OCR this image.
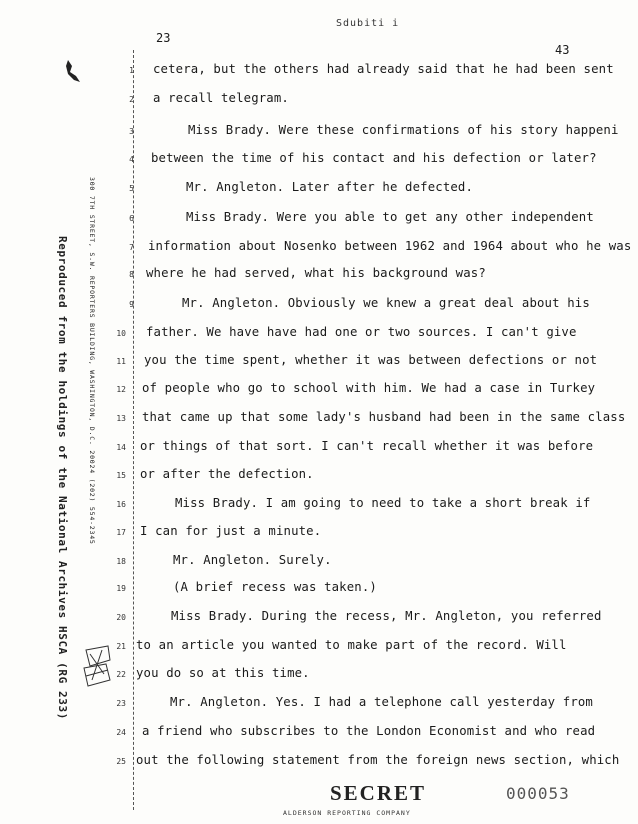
Sdubiti i
23
43
Reproduced from the holdings of the National Archives HSCA (RG 233)	300 7TH STREET, S.W. REPORTERS BUILDING, WASHINGTON, D.C. 20024 (202) 554-2345
1 cetera, but the others had already said that he had been sent
2 a recall telegram.
3	Miss Brady. Were these confirmations of his story happeni
4 between the time of his contact and his defection or later?
5	Mr. Angleton. Later after he defected.
6	Miss Brady. Were you able to get any other independent
7 information about Nosenko between 1962 and 1964 about who he was
8 where he had served, what his background was?
9	Mr. Angleton. Obviously we knew a great deal about his
10 father. We have have had one or two sources. I can't give
11 you the time spent, whether it was between defections or not
12 of people who go to school with him. We had a case in Turkey
13 that came up that some lady's husband had been in the same class
14 or things of that sort. I can't recall whether it was before
15 or after the defection.
16	Miss Brady. I am going to need to take a short break if
17 I can for just a minute.
18	Mr. Angleton. Surely.
19	(A brief recess was taken.)
20	Miss Brady. During the recess, Mr. Angleton, you referred
21 to an article you wanted to make part of the record. Will
22 you do so at this time.
23	Mr. Angleton. Yes. I had a telephone call yesterday from
24 a friend who subscribes to the London Economist and who read
25 out the following statement from the foreign news section, which
SECRET
ALDERSON REPORTING COMPANY
000053
